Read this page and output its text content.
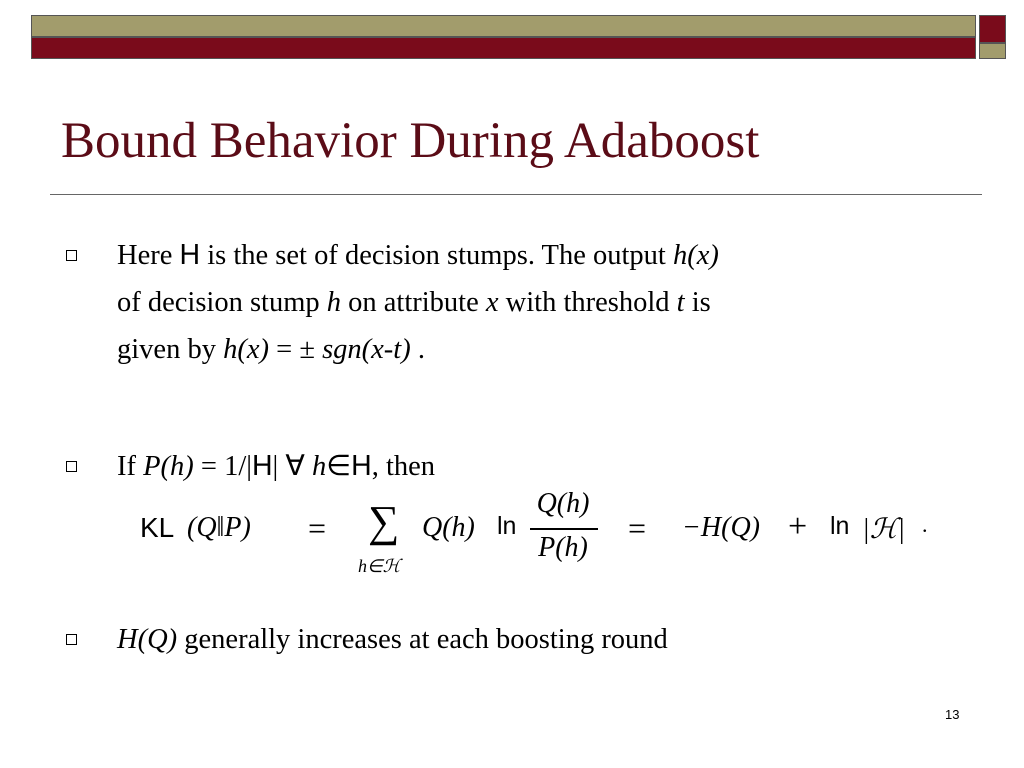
Bound Behavior During Adaboost
Here H is the set of decision stumps. The output h(x)
of decision stump h on attribute x with threshold t is
given by h(x) = ± sgn(x-t) .
If P(h) = 1/|H| ∀ h∈H, then
KL (Q‖P) = ∑
h∈ℋ
Q(h) ln
Q(h)
P(h)
= −H(Q) + ln |ℋ| .
H(Q) generally increases at each boosting round
13
